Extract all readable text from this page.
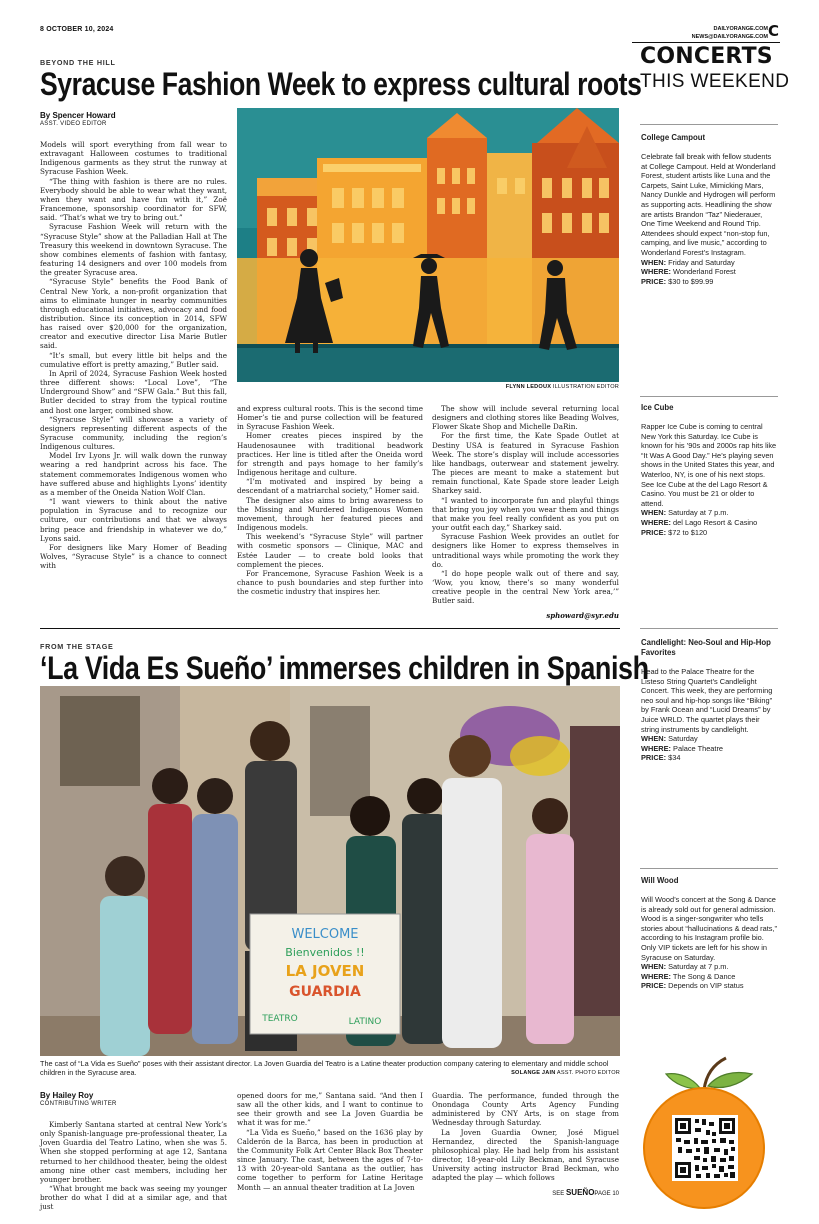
8 OCTOBER 10, 2024	DAILYORANGE.COM
NEWS@DAILYORANGE.COM C
CONCERTS
THIS WEEKEND
College Campout

Celebrate fall break with fellow students at College Campout. Held at Wonderland Forest, student artists like Luna and the Carpets, Saint Luke, Mimicking Mars, Nancy Dunkle and Hydrogen will perform as supporting acts. Headlining the show are artists Brandon “Taz” Niederauer, One Time Weekend and Round Trip. Attendees should expect “non-stop fun, camping, and live music,” according to Wonderland Forest’s Instagram.

WHEN: Friday and Saturday

WHERE: Wonderland Forest

PRICE: $30 to $99.99

Ice Cube

Rapper Ice Cube is coming to central New York this Saturday. Ice Cube is known for his ’90s and 2000s rap hits like “It Was A Good Day.” He’s playing seven shows in the United States this year, and Waterloo, NY, is one of his next stops. See Ice Cube at the del Lago Resort & Casino. You must be 21 or older to attend.

WHEN: Saturday at 7 p.m.

WHERE: del Lago Resort & Casino

PRICE: $72 to $120

Candlelight: Neo-Soul and Hip-Hop Favorites

Head to the Palace Theatre for the Listeso String Quartet’s Candlelight Concert. This week, they are performing neo soul and hip-hop songs like “Biking” by Frank Ocean and “Lucid Dreams” by Juice WRLD. The quartet plays their string instruments by candlelight.

WHEN: Saturday

WHERE: Palace Theatre

PRICE: $34

Will Wood

Will Wood’s concert at the Song & Dance is already sold out for general admission. Wood is a singer-songwriter who tells stories about “hallucinations & dead rats,” according to his Instagram profile bio. Only VIP tickets are left for his show in Syracuse on Saturday.

WHEN: Saturday at 7 p.m.

WHERE: The Song & Dance

PRICE: Depends on VIP status

BEYOND THE HILL
Syracuse Fashion Week to express cultural roots
By Spencer Howard
ASST. VIDEO EDITOR

Models will sport everything from fall wear to extravagant Halloween costumes to traditional Indigenous garments as they strut the runway at Syracuse Fashion Week.

“The thing with fashion is there are no rules. Everybody should be able to wear what they want, when they want and have fun with it,” Zoë Francemone, sponsorship coordinator for SFW, said. “That’s what we try to bring out.”

Syracuse Fashion Week will return with the “Syracuse Style” show at the Palladian Hall at The Treasury this weekend in downtown Syracuse. The show combines elements of fashion with fantasy, featuring 14 designers and over 100 models from the greater Syracuse area.

“Syracuse Style” benefits the Food Bank of Central New York, a non-profit organization that aims to eliminate hunger in nearby communities through educational initiatives, advocacy and food distribution. Since its conception in 2014, SFW has raised over $20,000 for the organization, creator and executive director Lisa Marie Butler said.

“It’s small, but every little bit helps and the cumulative effort is pretty amazing,” Butler said.

In April of 2024, Syracuse Fashion Week hosted three different shows: “Local Love”, “The Underground Show” and “SFW Gala.” But this fall, Butler decided to stray from the typical routine and host one larger, combined show.

“Syracuse Style” will showcase a variety of designers representing different aspects of the Syracuse community, including the region’s Indigenous cultures.

Model Irv Lyons Jr. will walk down the runway wearing a red handprint across his face. The statement commemorates Indigenous women who have suffered abuse and highlights Lyons’ identity as a member of the Oneida Nation Wolf Clan.

“I want viewers to think about the native population in Syracuse and to recognize our culture, our contributions and that we always bring peace and friendship in whatever we do,” Lyons said.

For designers like Mary Homer of Beading Wolves, “Syracuse Style” is a chance to connect with

FLYNN LEDOUX ILLUSTRATION EDITOR

and express cultural roots. This is the second time Homer’s tie and purse collection will be featured in Syracuse Fashion Week.

Homer creates pieces inspired by the Haudenosaunee with traditional beadwork practices. Her line is titled after the Oneida word for strength and pays homage to her family’s Indigenous heritage and culture.

“I’m motivated and inspired by being a descendant of a matriarchal society,” Homer said.

The designer also aims to bring awareness to the Missing and Murdered Indigenous Women movement, through her featured pieces and Indigenous models.

This weekend’s “Syracuse Style” will partner with cosmetic sponsors — Clinique, MAC and Estée Lauder — to create bold looks that complement the pieces.

For Francemone, Syracuse Fashion Week is a chance to push boundaries and step further into the cosmetic industry that inspires her.

The show will include several returning local designers and clothing stores like Beading Wolves, Flower Skate Shop and Michelle DaRin.

For the first time, the Kate Spade Outlet at Destiny USA is featured in Syracuse Fashion Week. The store’s display will include accessories like handbags, outerwear and statement jewelry. The pieces are meant to make a statement but remain functional, Kate Spade store leader Leigh Sharkey said.

“I wanted to incorporate fun and playful things that bring you joy when you wear them and things that make you feel really confident as you put on your outfit each day,” Sharkey said.

Syracuse Fashion Week provides an outlet for designers like Homer to express themselves in untraditional ways while promoting the work they do.

“I do hope people walk out of there and say, ‘Wow, you know, there’s so many wonderful creative people in the central New York area,’” Butler said.

sphoward@syr.edu
FROM THE STAGE
‘La Vida Es Sueño’ immerses children in Spanish
WELCOME
Bienvenidos !!
LA JOVEN
GUARDIA
TEATRO	LATINO
The cast of “La Vida es Sueño” poses with their assistant director. La Joven Guardia del Teatro is a Latine theater production company catering to elementary and middle school children in the Syracuse area.	SOLANGE JAIN ASST. PHOTO EDITOR
By Hailey Roy
CONTRIBUTING WRITER

Kimberly Santana started at central New York’s only Spanish-language pre-professional theater, La Joven Guardia del Teatro Latino, when she was 5. When she stopped performing at age 12, Santana returned to her childhood theater, being the oldest among nine other cast members, including her younger brother.

“What brought me back was seeing my younger brother do what I did at a similar age, and that just

opened doors for me,” Santana said. “And then I saw all the other kids, and I want to continue to see their growth and see La Joven Guardia be what it was for me.”

“La Vida es Sueño,” based on the 1636 play by Calderón de la Barca, has been in production at the Community Folk Art Center Black Box Theater since January. The cast, between the ages of 7-to-13 with 20-year-old Santana as the outlier, has come together to perform for Latine Heritage Month — an annual theater tradition at La Joven

Guardia. The performance, funded through the Onondaga County Arts Agency Funding administered by CNY Arts, is on stage from Wednesday through Saturday.

La Joven Guardia Owner, José Miguel Hernandez, directed the Spanish-language philosophical play. He had help from his assistant director, 18-year-old Lily Beckman, and Syracuse University acting instructor Brad Beckman, who adapted the play — which follows

SEE SUEÑOPAGE 10
